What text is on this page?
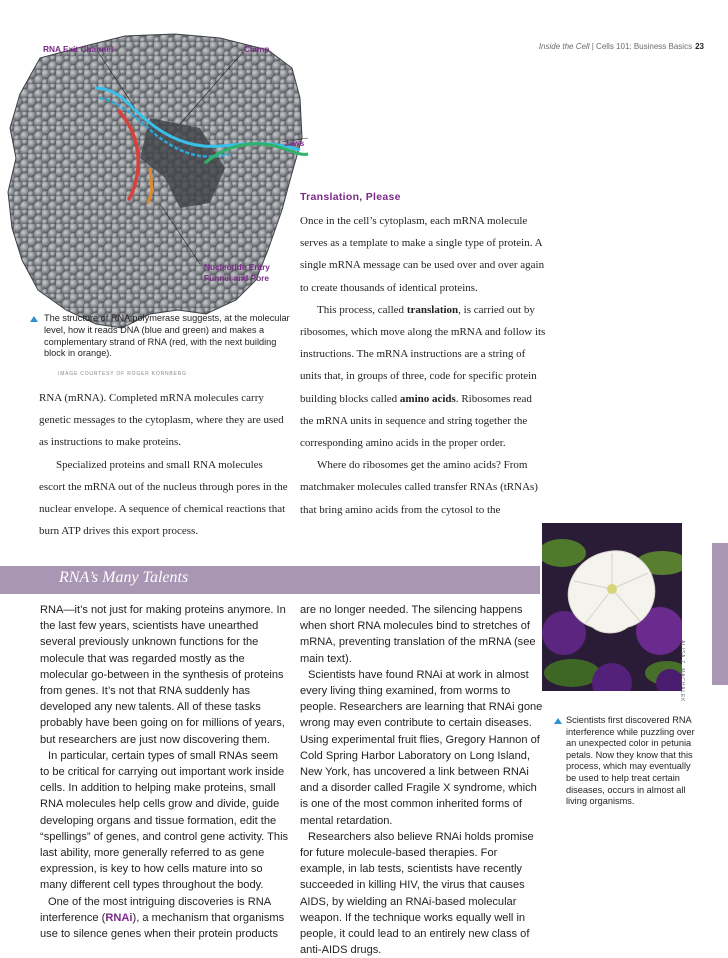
Inside the Cell | Cells 101: Business Basics 23
RNA Exit Channel	Clamp
Jaws
Nucleotide Entry
Funnel and Pore
The structure of RNA polymerase suggests, at the molecular level, how it reads DNA (blue and green) and makes a complementary strand of RNA (red, with the next building block in orange).
IMAGE COURTESY OF ROGER KORNBERG

RNA (mRNA). Completed mRNA molecules carry genetic messages to the cytoplasm, where they are used as instructions to make proteins.

Specialized proteins and small RNA molecules escort the mRNA out of the nucleus through pores in the nuclear envelope. A sequence of chemical reactions that burn ATP drives this export process.

Translation, Please

Once in the cell’s cytoplasm, each mRNA molecule serves as a template to make a single type of protein. A single mRNA message can be used over and over again to create thousands of identical proteins.

This process, called translation, is carried out by ribosomes, which move along the mRNA and follow its instructions. The mRNA instructions are a string of units that, in groups of three, code for specific protein building blocks called amino acids. Ribosomes read the mRNA units in sequence and string together the corresponding amino acids in the proper order.

Where do ribosomes get the amino acids? From matchmaker molecules called transfer RNAs (tRNAs) that bring amino acids from the cytosol to the

RNA’s Many Talents

RNA—it’s not just for making proteins anymore. In the last few years, scientists have unearthed several previously unknown functions for the molecule that was regarded mostly as the molecular go-between in the synthesis of proteins from genes. It’s not that RNA suddenly has developed any new talents. All of these tasks probably have been going on for millions of years, but researchers are just now discovering them.

In particular, certain types of small RNAs seem to be critical for carrying out important work inside cells. In addition to helping make proteins, small RNA molecules help cells grow and divide, guide developing organs and tissue formation, edit the “spellings” of genes, and control gene activity. This last ability, more generally referred to as gene expression, is key to how cells mature into so many different cell types throughout the body.

One of the most intriguing discoveries is RNA interference (RNAi), a mechanism that organisms use to silence genes when their protein products

are no longer needed. The silencing happens when short RNA molecules bind to stretches of mRNA, preventing translation of the mRNA (see main text).

Scientists have found RNAi at work in almost every living thing examined, from worms to people. Researchers are learning that RNAi gone wrong may even contribute to certain diseases. Using experimental fruit flies, Gregory Hannon of Cold Spring Harbor Laboratory on Long Island, New York, has uncovered a link between RNAi and a disorder called Fragile X syndrome, which is one of the most common inherited forms of mental retardation.

Researchers also believe RNAi holds promise for future molecule-based therapies. For example, in lab tests, scientists have recently succeeded in killing HIV, the virus that causes AIDS, by wielding an RNAi-based molecular weapon. If the technique works equally well in people, it could lead to an entirely new class of anti-AIDS drugs.

ALISA Z. MACHALEK
Scientists first discovered RNA interference while puzzling over an unexpected color in petunia petals. Now they know that this process, which may eventually be used to help treat certain diseases, occurs in almost all living organisms.
